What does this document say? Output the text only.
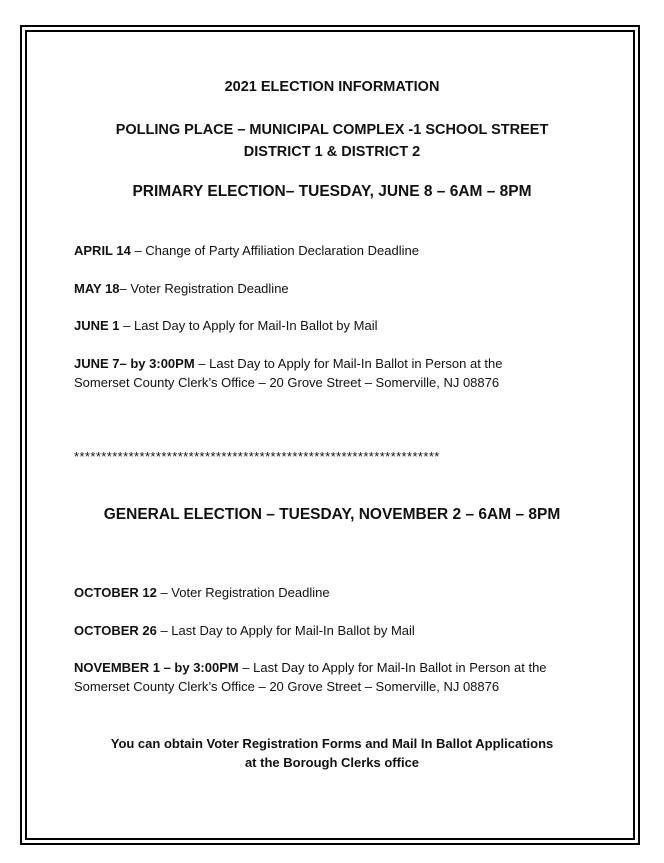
2021 ELECTION INFORMATION
POLLING PLACE – MUNICIPAL COMPLEX -1 SCHOOL STREET
DISTRICT 1 & DISTRICT 2
PRIMARY ELECTION– TUESDAY, JUNE 8 – 6AM – 8PM
APRIL 14 – Change of Party Affiliation Declaration Deadline
MAY 18– Voter Registration Deadline
JUNE 1 – Last Day to Apply for Mail-In Ballot by Mail
JUNE 7– by 3:00PM – Last Day to Apply for Mail-In Ballot in Person at the
Somerset County Clerk’s Office – 20 Grove Street – Somerville, NJ 08876
*******************************************************************
GENERAL ELECTION – TUESDAY, NOVEMBER 2 – 6AM – 8PM
OCTOBER 12 – Voter Registration Deadline
OCTOBER 26 – Last Day to Apply for Mail-In Ballot by Mail
NOVEMBER 1 – by 3:00PM – Last Day to Apply for Mail-In Ballot in Person at the
Somerset County Clerk’s Office – 20 Grove Street – Somerville, NJ 08876
You can obtain Voter Registration Forms and Mail In Ballot Applications
at the Borough Clerks office
